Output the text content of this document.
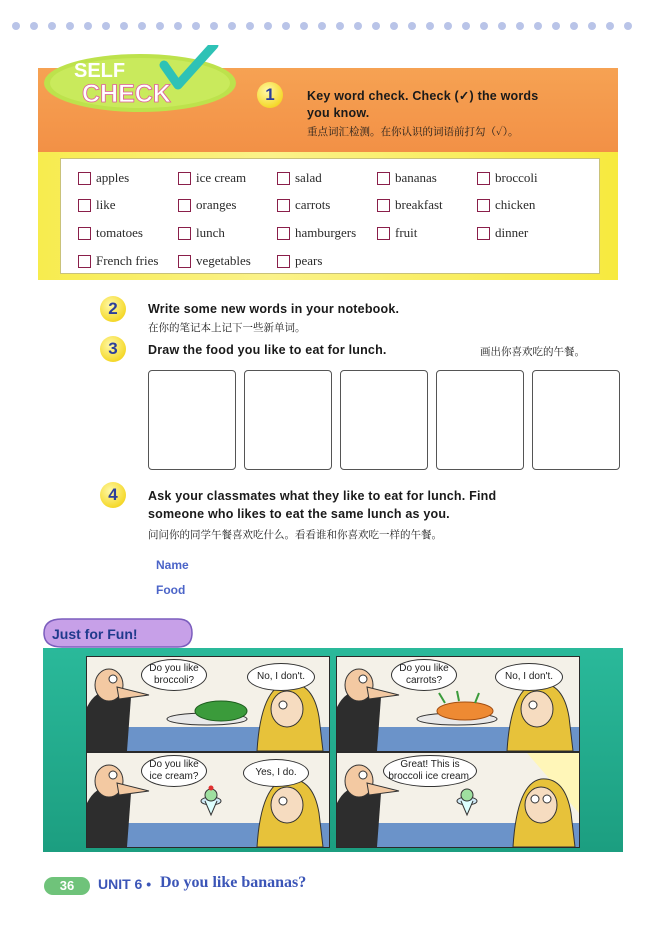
SELF
CHECK	1	Key word check. Check (✓) the words
you know.
重点词汇检测。在你认识的词语前打勾（✓）。
apples	ice cream	salad	bananas	broccoli
like	oranges	carrots	breakfast	chicken
tomatoes	lunch	hamburgers	fruit	dinner
French fries	vegetables	pears
2	Write some new words in your notebook.
在你的笔记本上记下一些新单词。
3	Draw the food you like to eat for lunch.	画出你喜欢吃的午餐。
4	Ask your classmates what they like to eat for lunch. Find
someone who likes to eat the same lunch as you.
问问你的同学午餐喜欢吃什么。看看谁和你喜欢吃一样的午餐。
Name
Food
Just for Fun!
Do you like
broccoli?	No, I don't.
Do you like
carrots?	No, I don't.
Do you like
ice cream?	Yes, I do.
Great! This is
broccoli ice cream.
36	UNIT 6 • Do you like bananas?
